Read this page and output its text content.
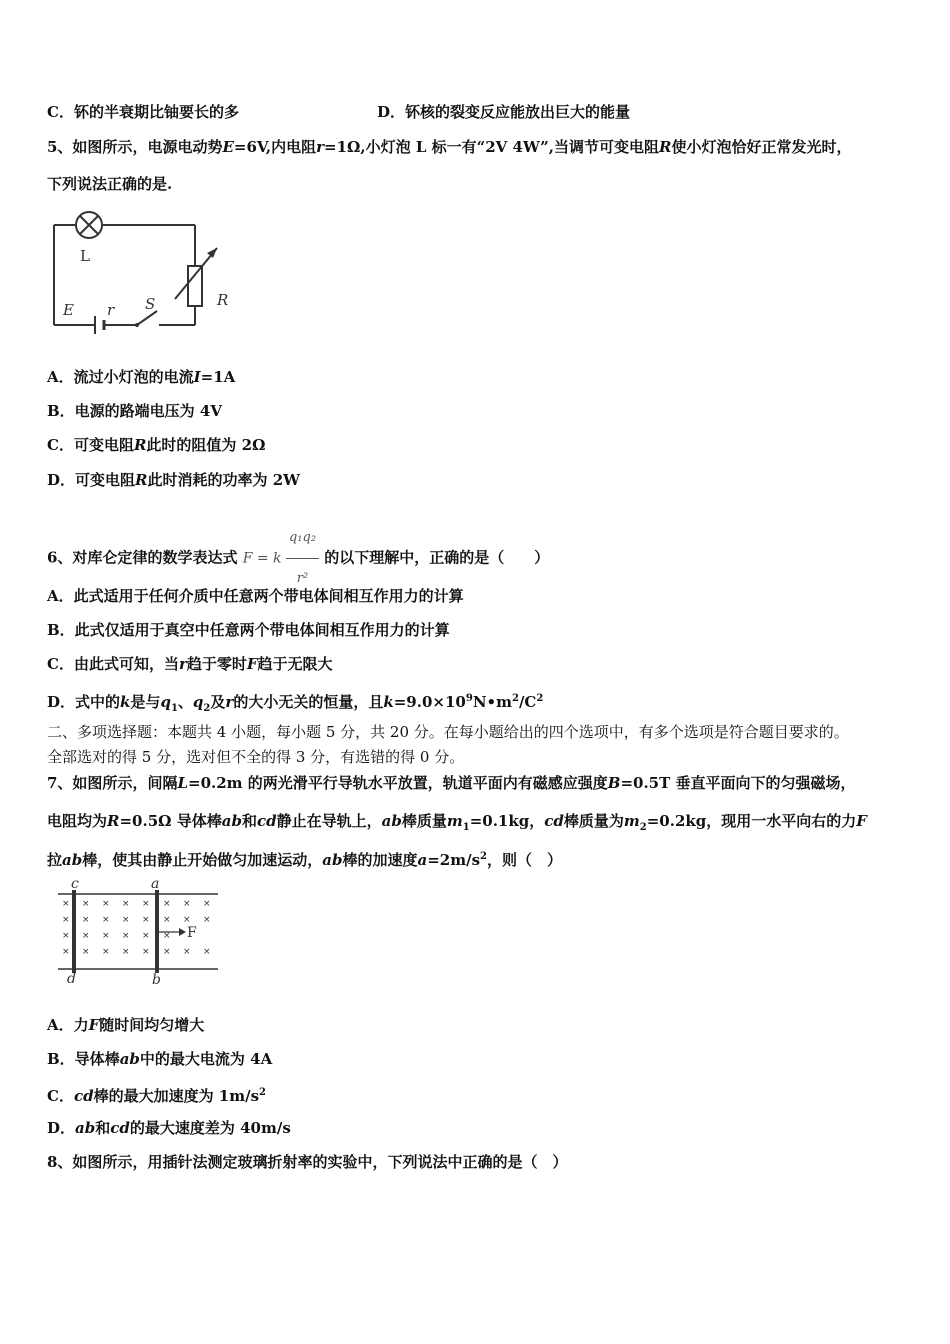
C．钚的半衰期比铀要长的多	D．钚核的裂变反应能放出巨大的能量
5、如图所示，电源电动势E=6V,内电阻r=1Ω,小灯泡 L 标一有“2V 4W”,当调节可变电阻R使小灯泡恰好正常发光时，
下列说法正确的是.
L
E r S	R
A．流过小灯泡的电流I=1A
B．电源的路端电压为 4V
C．可变电阻R此时的阻值为 2Ω
D．可变电阻R此时消耗的功率为 2W
6、对库仑定律的数学表达式 F = k $\frac{\text{q₁q₂}}{\text{r²}}$ 的以下理解中，正确的是（　　）
A．此式适用于任何介质中任意两个带电体间相互作用力的计算
B．此式仅适用于真空中任意两个带电体间相互作用力的计算
C．由此式可知，当r趋于零时F趋于无限大
D．式中的k是与$q_1$、$q_2$及r的大小无关的恒量，且$k=9.0\times 10^9N•m^2/C^2$
二、多项选择题：本题共 4 小题，每小题 5 分，共 20 分。在每小题给出的四个选项中，有多个选项是符合题目要求的。
全部选对的得 5 分，选对但不全的得 3 分，有选错的得 0 分。
7、如图所示，间隔L=0.2m 的两光滑平行导轨水平放置，轨道平面内有磁感应强度B=0.5T 垂直平面向下的匀强磁场，
电阻均为R=0.5Ω 导体棒ab和cd静止在导轨上，ab棒质量$m_1=0.1kg$，cd棒质量为$m_2=0.2kg$，现用一水平向右的力F
拉ab棒，使其由静止开始做匀加速运动，ab棒的加速度$a=2m/s^2$，则（　）
× × × × × × × ×
× × × × × × × ×
× × × × × ×
× × × × × × × ×
c	a
d	b
F
A．力F随时间均匀增大
B．导体棒ab中的最大电流为 4A
C．cd棒的最大加速度为 $1m/s^2$
D．ab和cd的最大速度差为 40m/s
8、如图所示，用插针法测定玻璃折射率的实验中，下列说法中正确的是（　）
